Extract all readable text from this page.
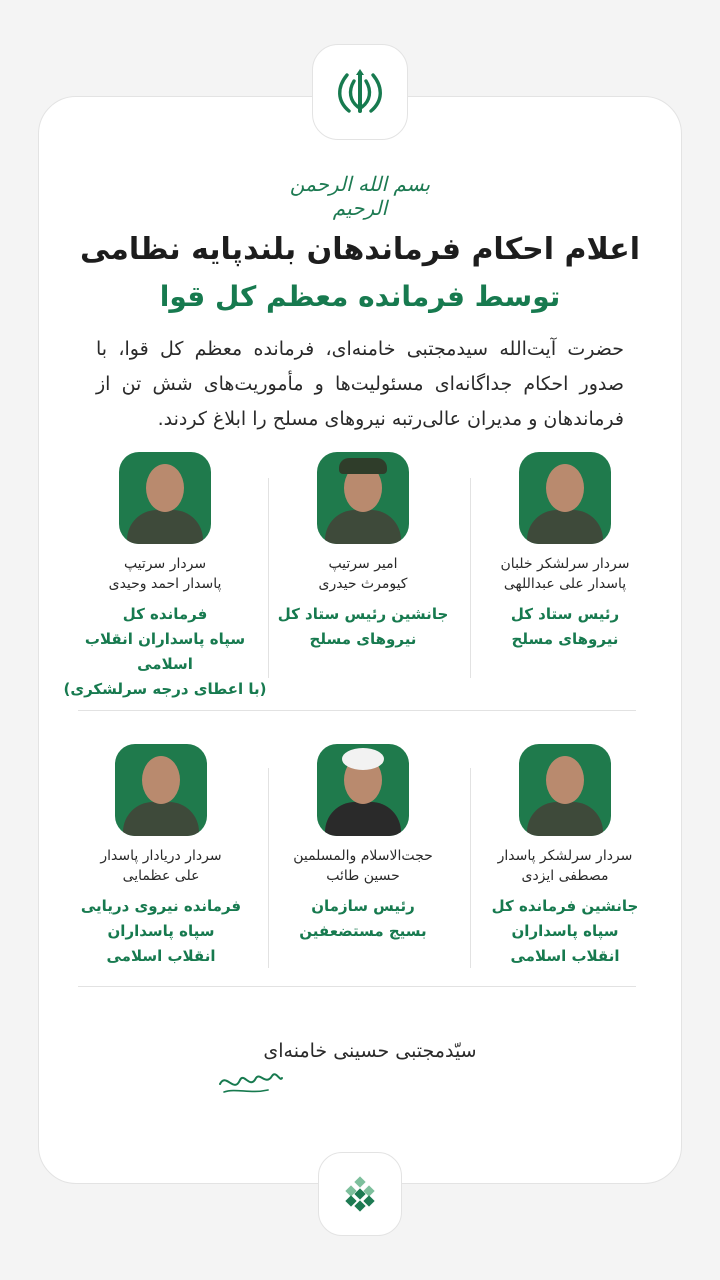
بسم الله الرحمن الرحیم
اعلام احکام فرماندهان بلندپایه نظامی
توسط فرمانده معظم کل قوا
حضرت آیت‌الله سیدمجتبی خامنه‌ای، فرمانده معظم کل قوا، با صدور احکام جداگانه‌ای مسئولیت‌ها و مأموریت‌های شش تن از فرماندهان و مدیران عالی‌رتبه نیروهای مسلح را ابلاغ کردند.
سردار سرلشکر خلبان
پاسدار علی عبداللهی
رئیس ستاد کل
نیروهای مسلح
امیر سرتیپ
کیومرث حیدری
جانشین رئیس ستاد کل
نیروهای مسلح
سردار سرتیپ
پاسدار احمد وحیدی
فرمانده کل
سپاه پاسداران انقلاب اسلامی
(با اعطای درجه سرلشکری)
سردار سرلشکر پاسدار
مصطفی ایزدی
جانشین فرمانده کل
سپاه پاسداران
انقلاب اسلامی
حجت‌الاسلام والمسلمین
حسین طائب
رئیس سازمان
بسیج مستضعفین
سردار دریادار پاسدار
علی عظمایی
فرمانده نیروی دریایی
سپاه پاسداران
انقلاب اسلامی
سیّدمجتبی حسینی خامنه‌ای
